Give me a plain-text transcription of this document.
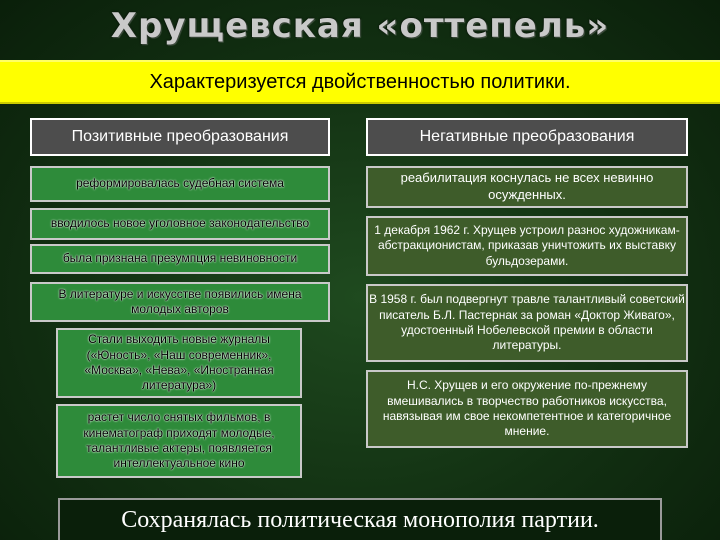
Хрущевская «оттепель»
Характеризуется двойственностью политики.
Позитивные преобразования	Негативные преобразования
реформировалась судебная система
вводилось новое уголовное законодательство
была признана презумпция невиновности
В литературе и искусстве появились имена молодых авторов
Стали выходить новые журналы («Юность», «Наш современник», «Москва», «Нева», «Иностранная литература»)
растет число снятых фильмов, в кинематограф приходят молодые, талантливые актеры, появляется интеллектуальное кино
реабилитация коснулась не всех невинно осужденных.
1 декабря 1962 г. Хрущев устроил разнос художникам-абстракционистам, приказав уничтожить их выставку бульдозерами.
В 1958 г. был подвергнут травле талантливый советский писатель Б.Л. Пастернак за роман «Доктор Живаго», удостоенный Нобелевской премии в области литературы.
Н.С. Хрущев и его окружение по-прежнему вмешивались в творчество работников искусства, навязывая им свое некомпетентное и категоричное мнение.
Сохранялась политическая монополия партии.
